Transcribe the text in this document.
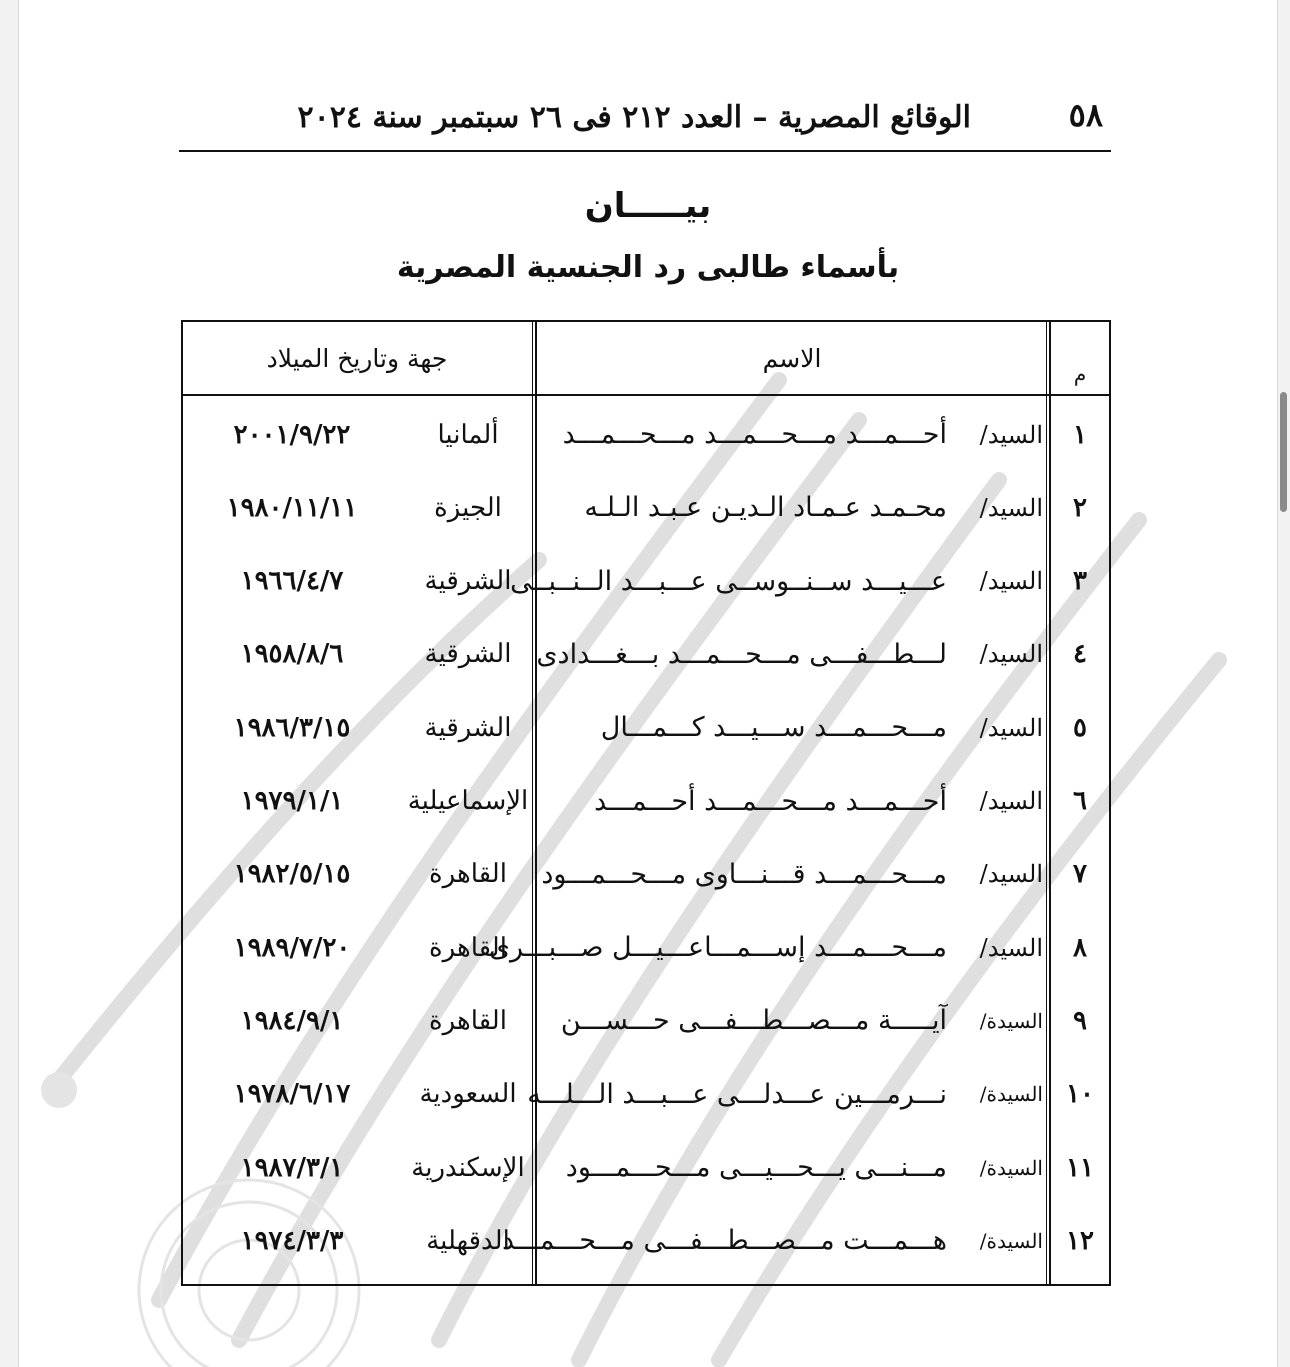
الوقائع المصرية – العدد ٢١٢ فى ٢٦ سبتمبر سنة ٢٠٢٤	٥٨
بيـــــان
بأسماء طالبى رد الجنسية المصرية
م
الاسم
جهة وتاريخ الميلاد
١
السيد/
أحـــمـــد مـــحـــمـــد مـــحـــمـــد
ألمانيا
٢٠٠١/٩/٢٢
٢
السيد/
محـمـد عـمـاد الـديـن عـبـد الـلـه
الجيزة
١٩٨٠/١١/١١
٣
السيد/
عـــيـــد ســنــوســى عـــبـــد الــنــبــى
الشرقية
١٩٦٦/٤/٧
٤
السيد/
لـــطـــفـــى مـــحـــمـــد بـــغـــدادى
الشرقية
١٩٥٨/٨/٦
٥
السيد/
مـــحـــمـــد ســـيـــد كـــمـــال
الشرقية
١٩٨٦/٣/١٥
٦
السيد/
أحـــمـــد مـــحـــمـــد أحـــمـــد
الإسماعيلية
١٩٧٩/١/١
٧
السيد/
مـــحـــمـــد قـــنـــاوى مـــحـــمـــود
القاهرة
١٩٨٢/٥/١٥
٨
السيد/
مـــحـــمـــد إســـمـــاعـــيـــل صـــبـــرى
القاهرة
١٩٨٩/٧/٢٠
٩
السيدة/
آيـــــة مـــصـــطـــفـــى حـــســـن
القاهرة
١٩٨٤/٩/١
١٠
السيدة/
نـــرمـــين عـــدلـــى عـــبـــد الـــلـــه
السعودية
١٩٧٨/٦/١٧
١١
السيدة/
مـــنـــى يـــحـــيـــى مـــحـــمـــود
الإسكندرية
١٩٨٧/٣/١
١٢
السيدة/
هـــمـــت مـــصـــطـــفـــى مـــحـــمـــد
الدقهلية
١٩٧٤/٣/٣
